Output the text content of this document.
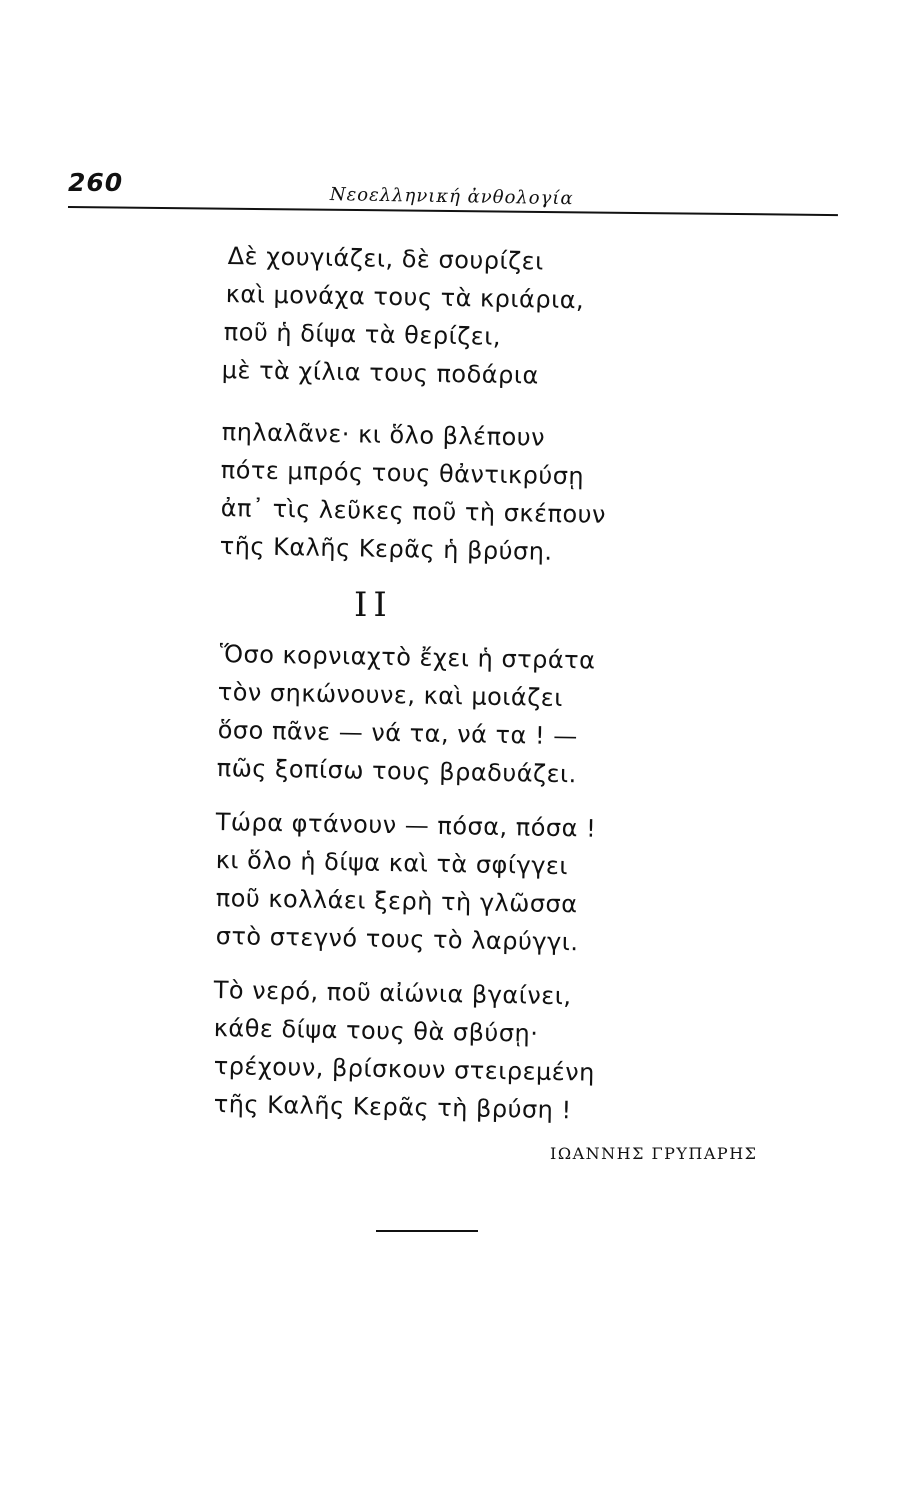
260	Νεοελληνική ἀνθολογία
Δὲ χουγιάζει, δὲ σουρίζει
καὶ μονάχα τους τὰ κριάρια,
ποῦ ἡ δίψα τὰ θερίζει,
μὲ τὰ χίλια τους ποδάρια
πηλαλᾶνε· κι ὅλο βλέπουν
πότε μπρός τους θἀντικρύσῃ
ἀπ᾽ τὶς λεῦκες ποῦ τὴ σκέπουν
τῆς Καλῆς Κερᾶς ἡ βρύση.
II
Ὅσο κορνιαχτὸ ἔχει ἡ στράτα
τὸν σηκώνουνε, καὶ μοιάζει
ὅσο πᾶνε — νά τα, νά τα ! —
πῶς ξοπίσω τους βραδυάζει.
Τώρα φτάνουν — πόσα, πόσα !
κι ὅλο ἡ δίψα καὶ τὰ σφίγγει
ποῦ κολλάει ξερὴ τὴ γλῶσσα
στὸ στεγνό τους τὸ λαρύγγι.
Τὸ νερό, ποῦ αἰώνια βγαίνει,
κάθε δίψα τους θὰ σβύσῃ·
τρέχουν, βρίσκουν στειρεμένη
τῆς Καλῆς Κερᾶς τὴ βρύση !
ΙΩΑΝΝΗΣ ΓΡΥΠΑΡΗΣ
